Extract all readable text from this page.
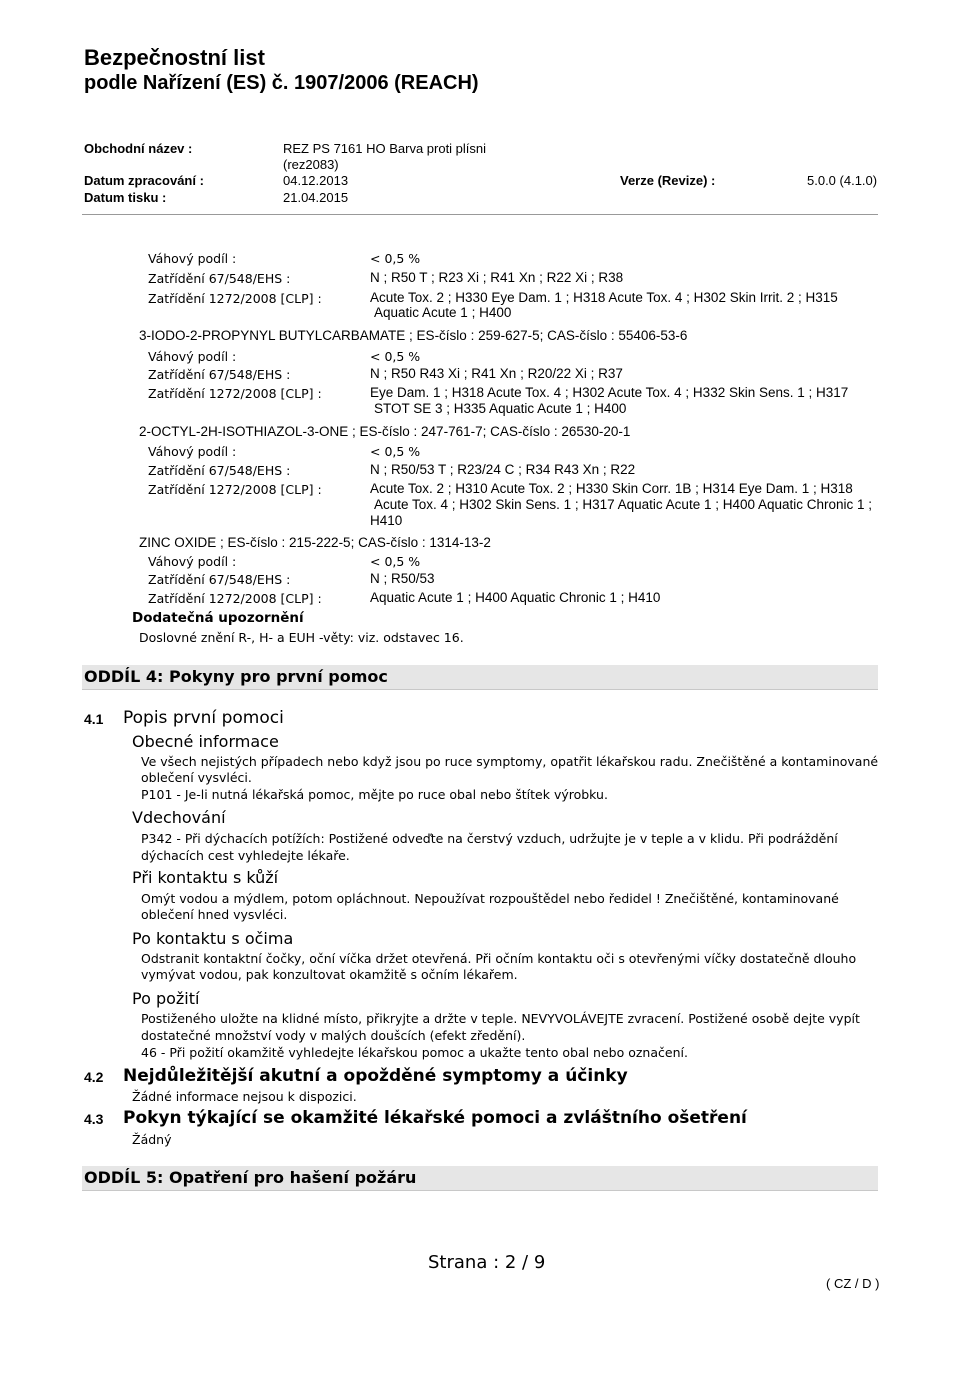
Bezpečnostní list
podle Nařízení (ES) č. 1907/2006 (REACH)
Obchodní název :	REZ PS 7161 HO Barva proti plísni
(rez2083)
Datum zpracování :	04.12.2013	Verze (Revize) :	5.0.0 (4.1.0)
Datum tisku :	21.04.2015
Váhový podíl :	< 0,5 %
Zatřídění 67/548/EHS :	N ; R50 T ; R23 Xi ; R41 Xn ; R22 Xi ; R38
Zatřídění 1272/2008 [CLP] :	Acute Tox. 2 ; H330 Eye Dam. 1 ; H318 Acute Tox. 4 ; H302 Skin Irrit. 2 ; H315
Aquatic Acute 1 ; H400
3-IODO-2-PROPYNYL BUTYLCARBAMATE ; ES-číslo : 259-627-5; CAS-číslo : 55406-53-6
Váhový podíl :	< 0,5 %
Zatřídění 67/548/EHS :	N ; R50 R43 Xi ; R41 Xn ; R20/22 Xi ; R37
Zatřídění 1272/2008 [CLP] :	Eye Dam. 1 ; H318 Acute Tox. 4 ; H302 Acute Tox. 4 ; H332 Skin Sens. 1 ; H317
STOT SE 3 ; H335 Aquatic Acute 1 ; H400
2-OCTYL-2H-ISOTHIAZOL-3-ONE ; ES-číslo : 247-761-7; CAS-číslo : 26530-20-1
Váhový podíl :	< 0,5 %
Zatřídění 67/548/EHS :	N ; R50/53 T ; R23/24 C ; R34 R43 Xn ; R22
Zatřídění 1272/2008 [CLP] :	Acute Tox. 2 ; H310 Acute Tox. 2 ; H330 Skin Corr. 1B ; H314 Eye Dam. 1 ; H318
Acute Tox. 4 ; H302 Skin Sens. 1 ; H317 Aquatic Acute 1 ; H400 Aquatic Chronic 1 ;
H410
ZINC OXIDE ; ES-číslo : 215-222-5; CAS-číslo : 1314-13-2
Váhový podíl :	< 0,5 %
Zatřídění 67/548/EHS :	N ; R50/53
Zatřídění 1272/2008 [CLP] :	Aquatic Acute 1 ; H400 Aquatic Chronic 1 ; H410
Dodatečná upozornění
Doslovné znění R-, H- a EUH -věty: viz. odstavec 16.
ODDÍL 4: Pokyny pro první pomoc
4.1 Popis první pomoci
Obecné informace
Ve všech nejistých případech nebo když jsou po ruce symptomy, opatřit lékařskou radu. Znečištěné a kontaminované
oblečení vysvléci.
P101 - Je-li nutná lékařská pomoc, mějte po ruce obal nebo štítek výrobku.
Vdechování
P342 - Při dýchacích potížích: Postižené odveďte na čerstvý vzduch, udržujte je v teple a v klidu. Při podráždění
dýchacích cest vyhledejte lékaře.
Při kontaktu s kůží
Omýt vodou a mýdlem, potom opláchnout. Nepoužívat rozpouštědel nebo ředidel ! Znečištěné, kontaminované
oblečení hned vysvléci.
Po kontaktu s očima
Odstranit kontaktní čočky, oční víčka držet otevřená. Při očním kontaktu oči s otevřenými víčky dostatečně dlouho
vymývat vodou, pak konzultovat okamžitě s očním lékařem.
Po požití
Postiženého uložte na klidné místo, přikryjte a držte v teple. NEVYVOLÁVEJTE zvracení. Postižené osobě dejte vypít
dostatečné množství vody v malých doušcích (efekt zředění).
46 - Při požití okamžitě vyhledejte lékařskou pomoc a ukažte tento obal nebo označení.
4.2 Nejdůležitější akutní a opožděné symptomy a účinky
Žádné informace nejsou k dispozici.
4.3 Pokyn týkající se okamžité lékařské pomoci a zvláštního ošetření
Žádný
ODDÍL 5: Opatření pro hašení požáru
Strana : 2 / 9
( CZ / D )
